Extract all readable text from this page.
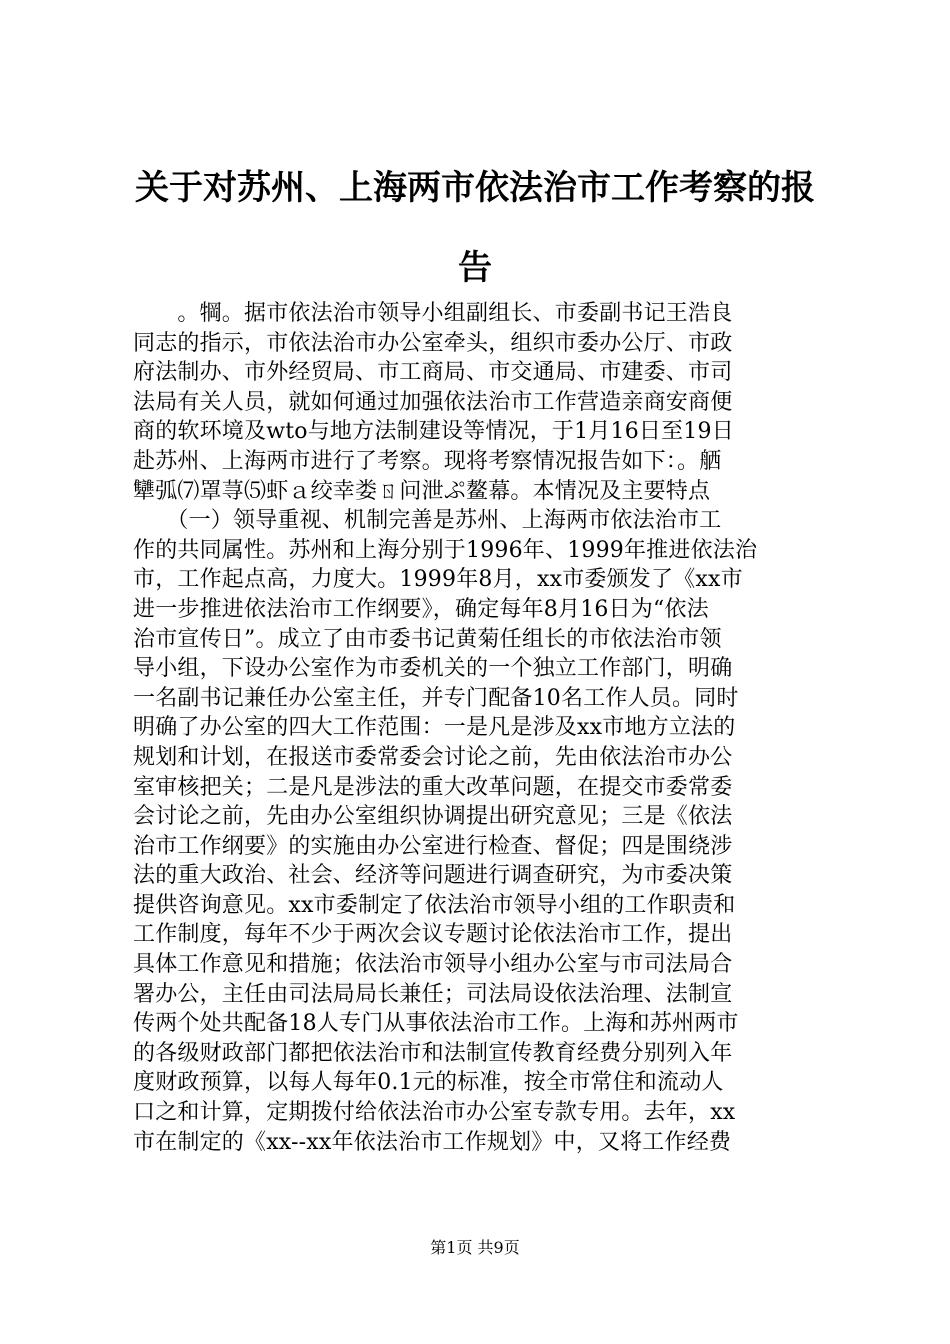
关于对苏州、上海两市依法治市工作考察的报
告
　　。犅。据市依法治市领导小组副组长、市委副书记王浩良
同志的指示，市依法治市办公室牵头，组织市委办公厅、市政
府法制办、市外经贸局、市工商局、市交通局、市建委、市司
法局有关人员，就如何通过加强依法治市工作营造亲商安商便
商的软环境及wto与地方法制建设等情况，于1月16日至19日
赴苏州、上海两市进行了考察。现将考察情况报告如下：。舾
犫弧⑺罩荨⑸虾ａ绞幸娄ㄖ问泄ぷ鳌幕。本情况及主要特点
　　（一）领导重视、机制完善是苏州、上海两市依法治市工
作的共同属性。苏州和上海分别于1996年、1999年推进依法治
市，工作起点高，力度大。1999年8月，xx市委颁发了《xx市
进一步推进依法治市工作纲要》，确定每年8月16日为“依法
治市宣传日”。成立了由市委书记黄菊任组长的市依法治市领
导小组，下设办公室作为市委机关的一个独立工作部门，明确
一名副书记兼任办公室主任，并专门配备10名工作人员。同时
明确了办公室的四大工作范围：一是凡是涉及xx市地方立法的
规划和计划，在报送市委常委会讨论之前，先由依法治市办公
室审核把关；二是凡是涉法的重大改革问题，在提交市委常委
会讨论之前，先由办公室组织协调提出研究意见；三是《依法
治市工作纲要》的实施由办公室进行检查、督促；四是围绕涉
法的重大政治、社会、经济等问题进行调查研究，为市委决策
提供咨询意见。xx市委制定了依法治市领导小组的工作职责和
工作制度，每年不少于两次会议专题讨论依法治市工作，提出
具体工作意见和措施；依法治市领导小组办公室与市司法局合
署办公，主任由司法局局长兼任；司法局设依法治理、法制宣
传两个处共配备18人专门从事依法治市工作。上海和苏州两市
的各级财政部门都把依法治市和法制宣传教育经费分别列入年
度财政预算，以每人每年0.1元的标准，按全市常住和流动人
口之和计算，定期拨付给依法治市办公室专款专用。去年，xx
市在制定的《xx--xx年依法治市工作规划》中，又将工作经费
第1页 共9页
